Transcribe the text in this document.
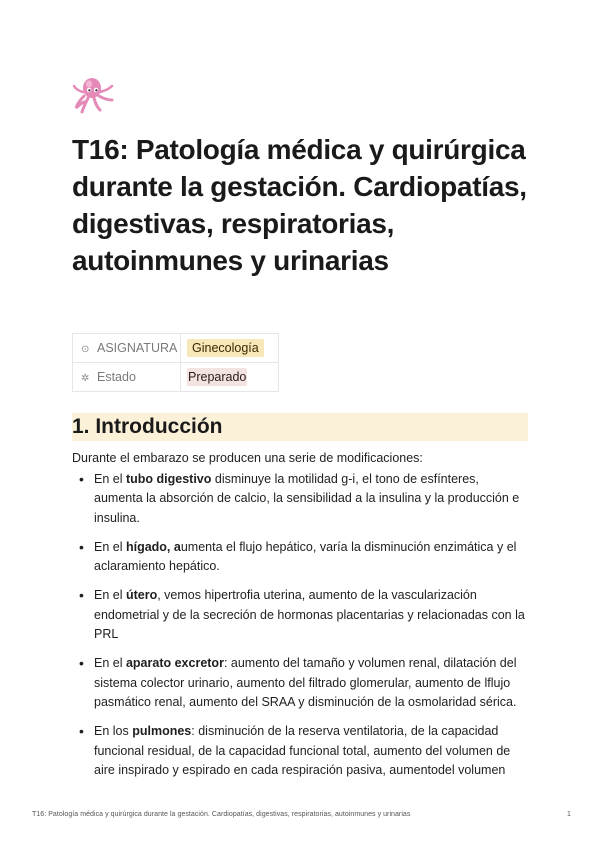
T16: Patología médica y quirúrgica durante la gestación. Cardiopatías, digestivas, respiratorias, autoinmunes y urinarias
⊙ ASIGNATURA	Ginecología
✲ Estado	Preparado
1. Introducción

Durante el embarazo se producen una serie de modificaciones:

• En el tubo digestivo disminuye la motilidad g-i, el tono de esfínteres, aumenta la absorción de calcio, la sensibilidad a la insulina y la producción e insulina.
• En el hígado, aumenta el flujo hepático, varía la disminución enzimática y el aclaramiento hepático.
• En el útero, vemos hipertrofia uterina, aumento de la vascularización endometrial y de la secreción de hormonas placentarias y relacionadas con la PRL
• En el aparato excretor: aumento del tamaño y volumen renal, dilatación del sistema colector urinario, aumento del filtrado glomerular, aumento de lflujo pasmático renal, aumento del SRAA y disminución de la osmolaridad sérica.
• En los pulmones: disminución de la reserva ventilatoria, de la capacidad funcional residual, de la capacidad funcional total, aumento del volumen de aire inspirado y espirado en cada respiración pasiva, aumentodel volumen
T16: Patología médica y quirúrgica durante la gestación. Cardiopatías, digestivas, respiratorias, autoinmunes y urinarias	1
